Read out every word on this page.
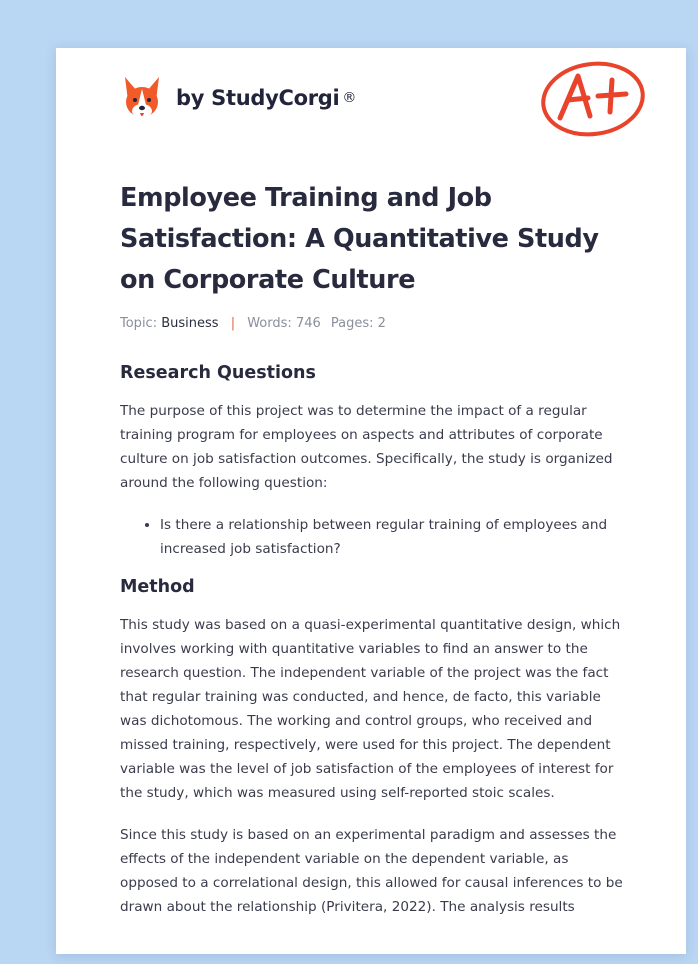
by StudyCorgi ®
Employee Training and Job Satisfaction: A Quantitative Study on Corporate Culture
Topic: Business | Words: 746 Pages: 2
Research Questions

The purpose of this project was to determine the impact of a regular training program for employees on aspects and attributes of corporate culture on job satisfaction outcomes. Specifically, the study is organized around the following question:

• Is there a relationship between regular training of employees and increased job satisfaction?
Method

This study was based on a quasi-experimental quantitative design, which involves working with quantitative variables to find an answer to the research question. The independent variable of the project was the fact that regular training was conducted, and hence, de facto, this variable was dichotomous. The working and control groups, who received and missed training, respectively, were used for this project. The dependent variable was the level of job satisfaction of the employees of interest for the study, which was measured using self-reported stoic scales.

Since this study is based on an experimental paradigm and assesses the effects of the independent variable on the dependent variable, as opposed to a correlational design, this allowed for causal inferences to be drawn about the relationship (Privitera, 2022). The analysis results
